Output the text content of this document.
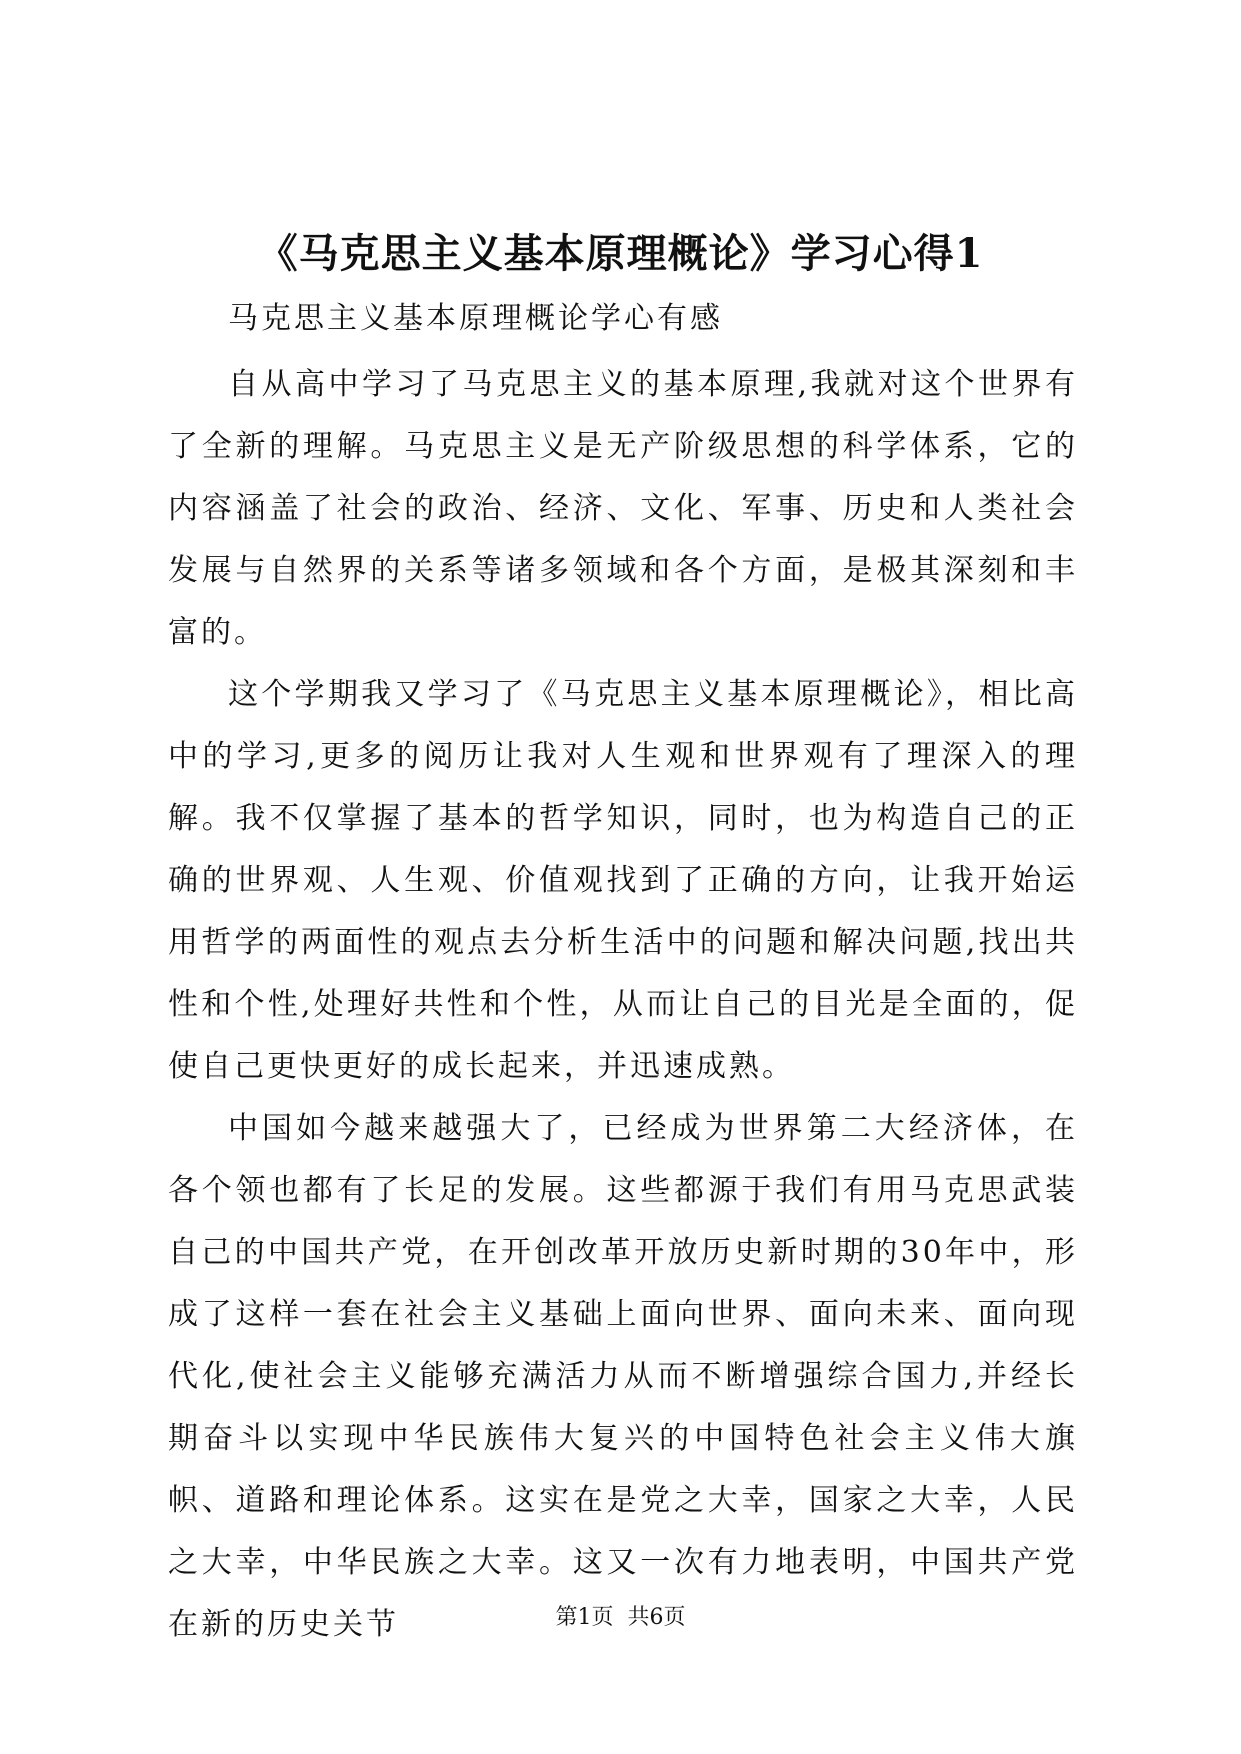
《马克思主义基本原理概论》学习心得1

马克思主义基本原理概论学心有感

自从高中学习了马克思主义的基本原理,我就对这个世界有了全新的理解。马克思主义是无产阶级思想的科学体系，它的内容涵盖了社会的政治、经济、文化、军事、历史和人类社会发展与自然界的关系等诸多领域和各个方面，是极其深刻和丰富的。

这个学期我又学习了《马克思主义基本原理概论》，相比高中的学习,更多的阅历让我对人生观和世界观有了理深入的理解。我不仅掌握了基本的哲学知识，同时，也为构造自己的正确的世界观、人生观、价值观找到了正确的方向，让我开始运用哲学的两面性的观点去分析生活中的问题和解决问题,找出共性和个性,处理好共性和个性，从而让自己的目光是全面的，促使自己更快更好的成长起来，并迅速成熟。

中国如今越来越强大了，已经成为世界第二大经济体，在各个领也都有了长足的发展。这些都源于我们有用马克思武装自己的中国共产党，在开创改革开放历史新时期的30年中，形成了这样一套在社会主义基础上面向世界、面向未来、面向现代化,使社会主义能够充满活力从而不断增强综合国力,并经长期奋斗以实现中华民族伟大复兴的中国特色社会主义伟大旗帜、道路和理论体系。这实在是党之大幸，国家之大幸，人民之大幸，中华民族之大幸。这又一次有力地表明，中国共产党在新的历史关节	第1页 共6页
